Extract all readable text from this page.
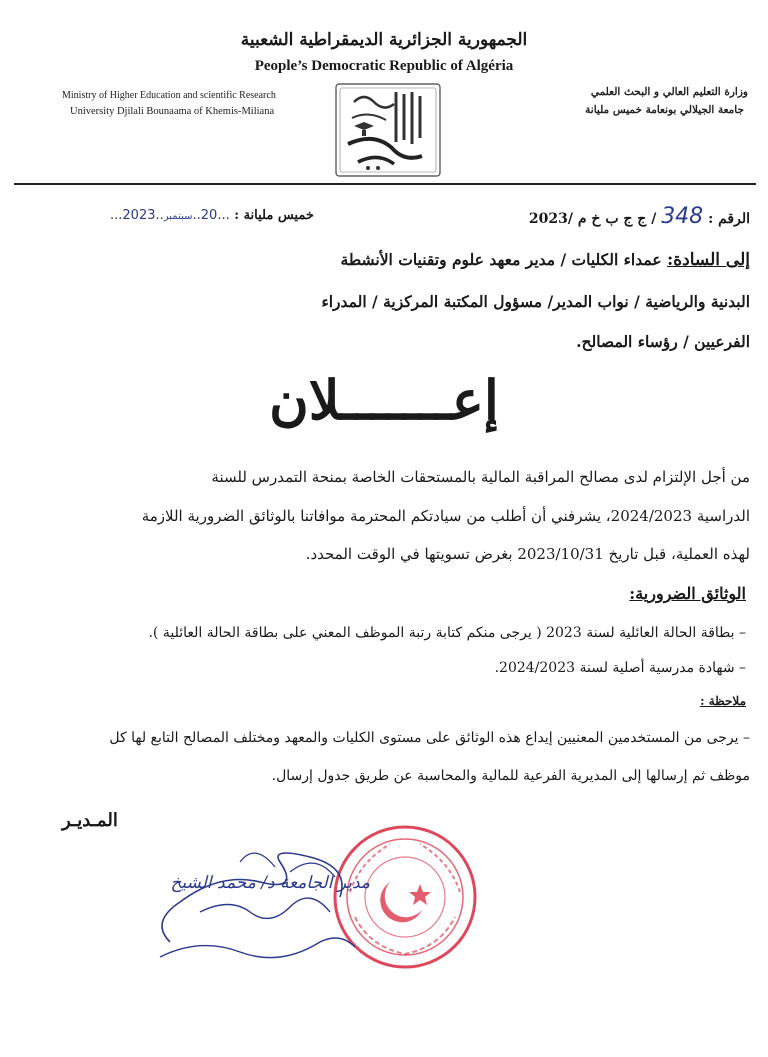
الجمهورية الجزائرية الديمقراطية الشعبية
People’s Democratic Republic of Algéria
Ministry of Higher Education and scientific Research
University Djilali Bounaama of Khemis-Miliana
وزارة التعليم العالي و البحث العلمي
جامعة الجيلالي بونعامة خميس مليانة
الرقم : 348 / ج ج ب خ م /2023
خميس مليانة : ...20..سبتمبر..2023...
إلى السادة: عمداء الكليات / مدير معهد علوم وتقنيات الأنشطة
البدنية والرياضية / نواب المدير/ مسؤول المكتبة المركزية / المدراء
الفرعيين / رؤساء المصالح.
إعـــــــلان
من أجل الإلتزام لدى مصالح المراقبة المالية بالمستحقات الخاصة بمنحة التمدرس للسنة
الدراسية 2024/2023، يشرفني أن أطلب من سيادتكم المحترمة موافاتنا بالوثائق الضرورية اللازمة
لهذه العملية، قبل تاريخ 2023/10/31 بغرض تسويتها في الوقت المحدد.
الوثائق الضرورية:
– بطاقة الحالة العائلية لسنة 2023 ( يرجى منكم كتابة رتبة الموظف المعني على بطاقة الحالة العائلية ).
– شهادة مدرسية أصلية لسنة 2024/2023.
ملاحظة :
– يرجى من المستخدمين المعنيين إيداع هذه الوثائق على مستوى الكليات والمعهد ومختلف المصالح التابع لها كل
موظف ثم إرسالها إلى المديرية الفرعية للمالية والمحاسبة عن طريق جدول إرسال.
المـديـر
مدير الجامعة د/ محمد الشيخ
